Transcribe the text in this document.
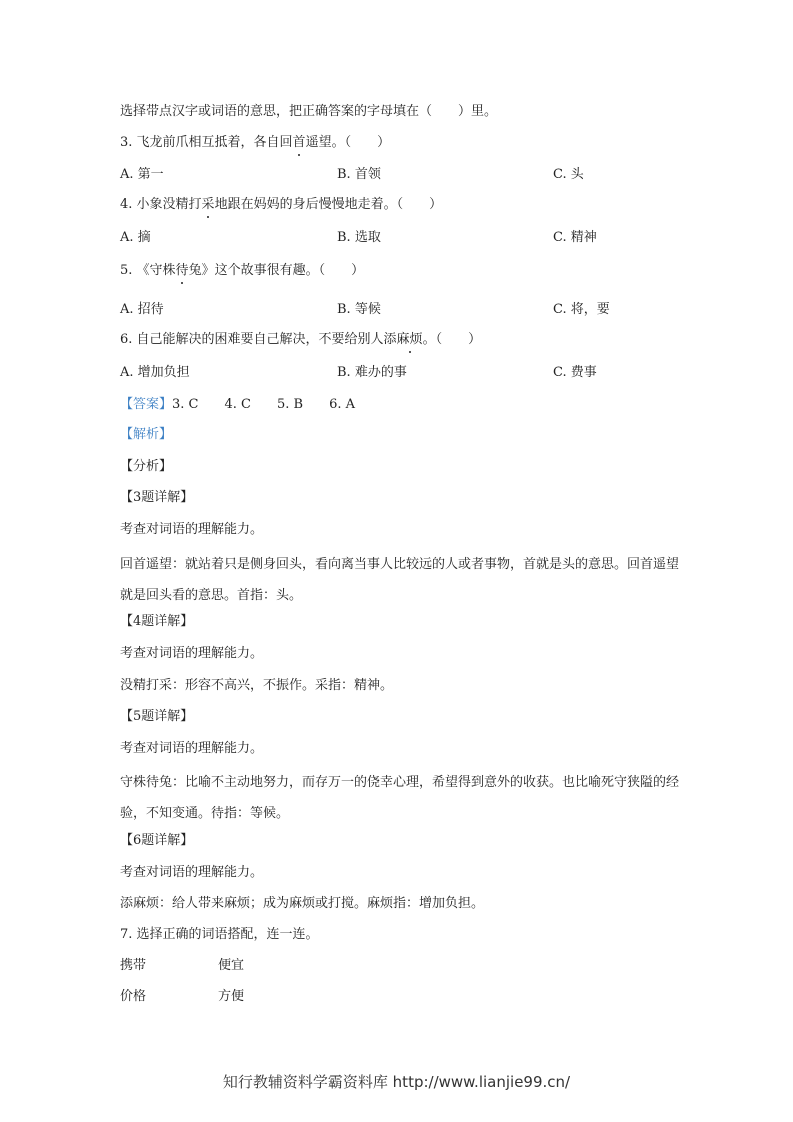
选择带点汉字或词语的意思，把正确答案的字母填在（　　）里。
3. 飞龙前爪相互抵着，各自回首遥望。（　　）
A. 第一	B. 首领	C. 头
4. 小象没精打采地跟在妈妈的身后慢慢地走着。（　　）
A. 摘	B. 选取	C. 精神
5. 《守株待兔》这个故事很有趣。（　　）
A. 招待	B. 等候	C. 将，要
6. 自己能解决的困难要自己解决，不要给别人添麻烦。（　　）
A. 增加负担	B. 难办的事	C. 费事
【答案】3. C　　4. C　　5. B　　6. A
【解析】
【分析】
【3题详解】
考查对词语的理解能力。
回首遥望：就站着只是侧身回头，看向离当事人比较远的人或者事物，首就是头的意思。回首遥望就是回头看的意思。首指：头。
【4题详解】
考查对词语的理解能力。
没精打采：形容不高兴，不振作。采指：精神。
【5题详解】
考查对词语的理解能力。
守株待兔：比喻不主动地努力，而存万一的侥幸心理，希望得到意外的收获。也比喻死守狭隘的经验，不知变通。待指：等候。
【6题详解】
考查对词语的理解能力。
添麻烦：给人带来麻烦；成为麻烦或打搅。麻烦指：增加负担。
7. 选择正确的词语搭配，连一连。
携带	便宜
价格	方便
知行教辅资料学霸资料库 http://www.lianjie99.cn/
